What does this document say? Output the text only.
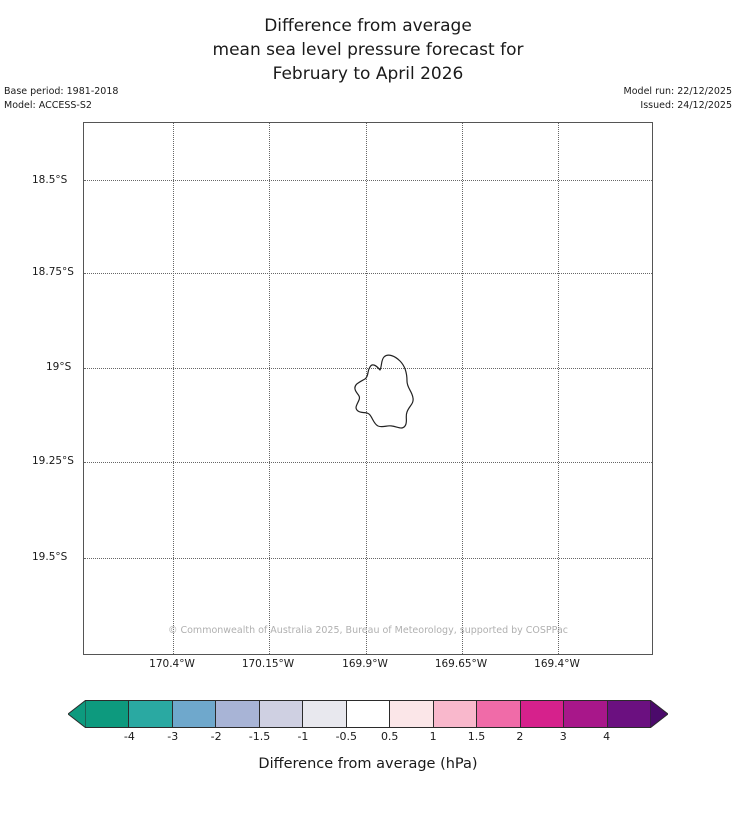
Difference from average
mean sea level pressure forecast for
February to April 2026
Base period: 1981-2018
Model: ACCESS-S2
Model run: 22/12/2025
Issued: 24/12/2025
18.5°S
18.75°S
19°S
19.25°S
19.5°S
170.4°W	170.15°W	169.9°W	169.65°W	169.4°W
© Commonwealth of Australia 2025, Bureau of Meteorology, supported by COSPPac
-4	-3	-2 -1.5 -1 -0.5 0.5	1	1.5	2	3	4
Difference from average (hPa)
